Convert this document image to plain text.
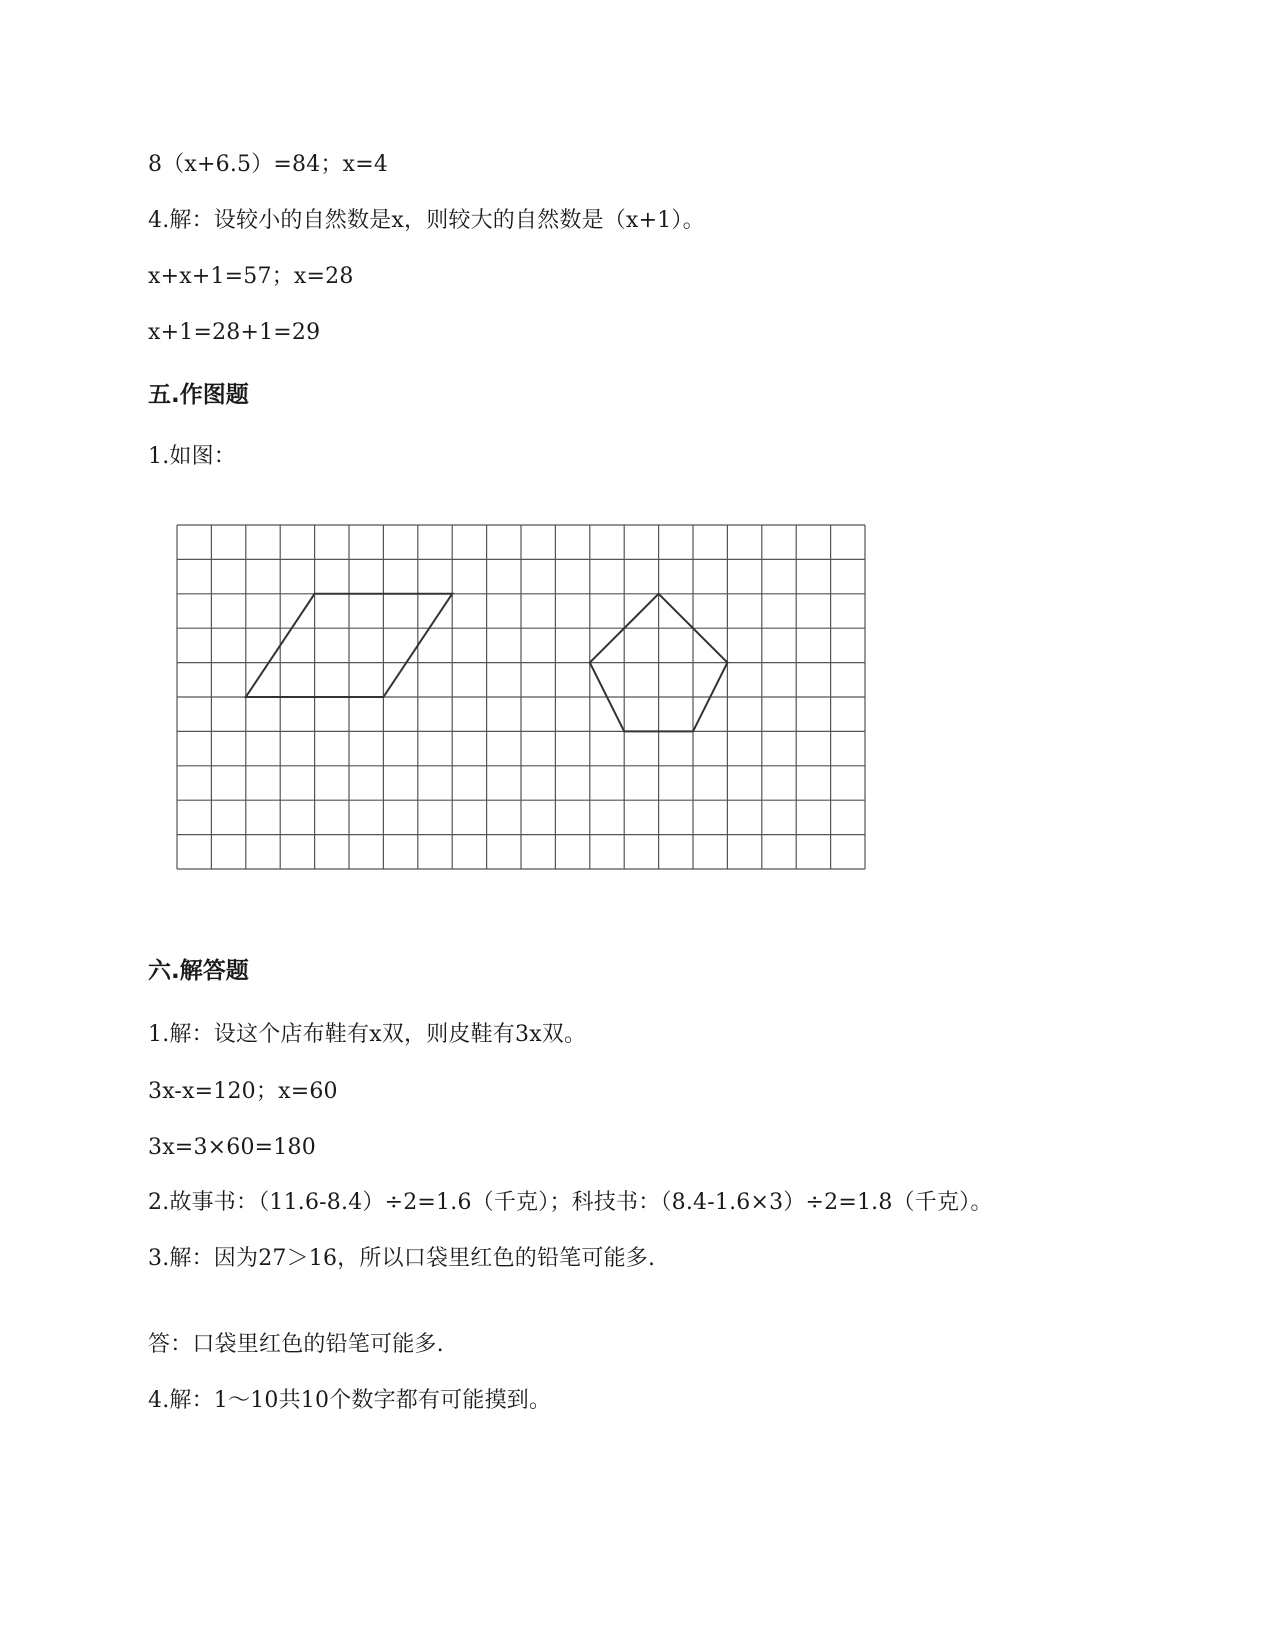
8（x+6.5）=84；x=4
4.解：设较小的自然数是x，则较大的自然数是（x+1）。
x+x+1=57；x=28
x+1=28+1=29
五.作图题
1.如图：
六.解答题
1.解：设这个店布鞋有x双，则皮鞋有3x双。
3x-x=120；x=60
3x=3×60=180
2.故事书：（11.6-8.4）÷2=1.6（千克）；科技书：（8.4-1.6×3）÷2=1.8（千克）。
3.解：因为27＞16，所以口袋里红色的铅笔可能多.
答：口袋里红色的铅笔可能多.
4.解：1～10共10个数字都有可能摸到。
